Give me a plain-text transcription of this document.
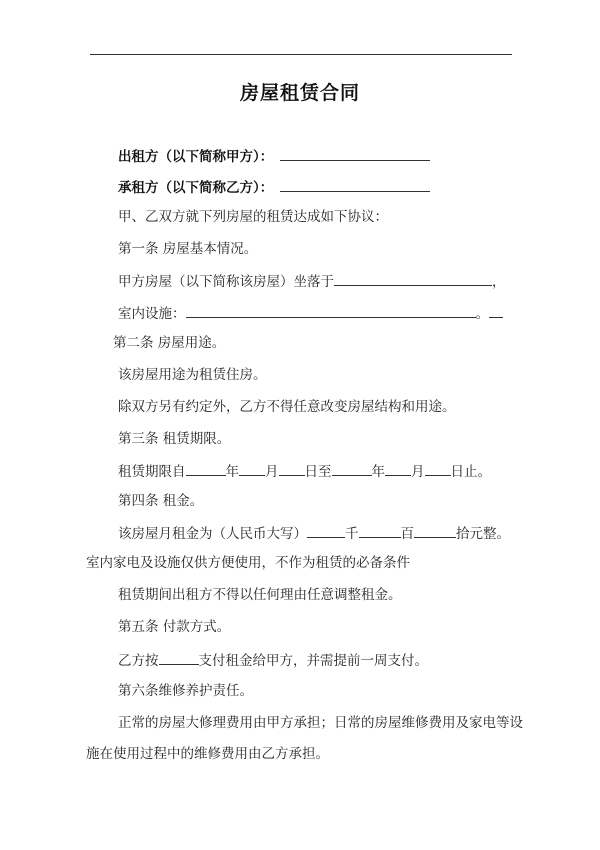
房屋租赁合同
出租方（以下简称甲方）：
承租方（以下简称乙方）：
甲、乙双方就下列房屋的租赁达成如下协议：
第一条 房屋基本情况。
甲方房屋（以下简称该房屋）坐落于	，
室内设施：	。
第二条 房屋用途。
该房屋用途为租赁住房。
除双方另有约定外，乙方不得任意改变房屋结构和用途。
第三条 租赁期限。
租赁期限自	年 月 日至	年 月 日止。
第四条 租金。
该房屋月租金为（人民币大写）	千	百	拾元整。
室内家电及设施仅供方便使用，不作为租赁的必备条件
租赁期间出租方不得以任何理由任意调整租金。
第五条 付款方式。
乙方按	支付租金给甲方，并需提前一周支付。
第六条维修养护责任。
正常的房屋大修理费用由甲方承担；日常的房屋维修费用及家电等设
施在使用过程中的维修费用由乙方承担。
